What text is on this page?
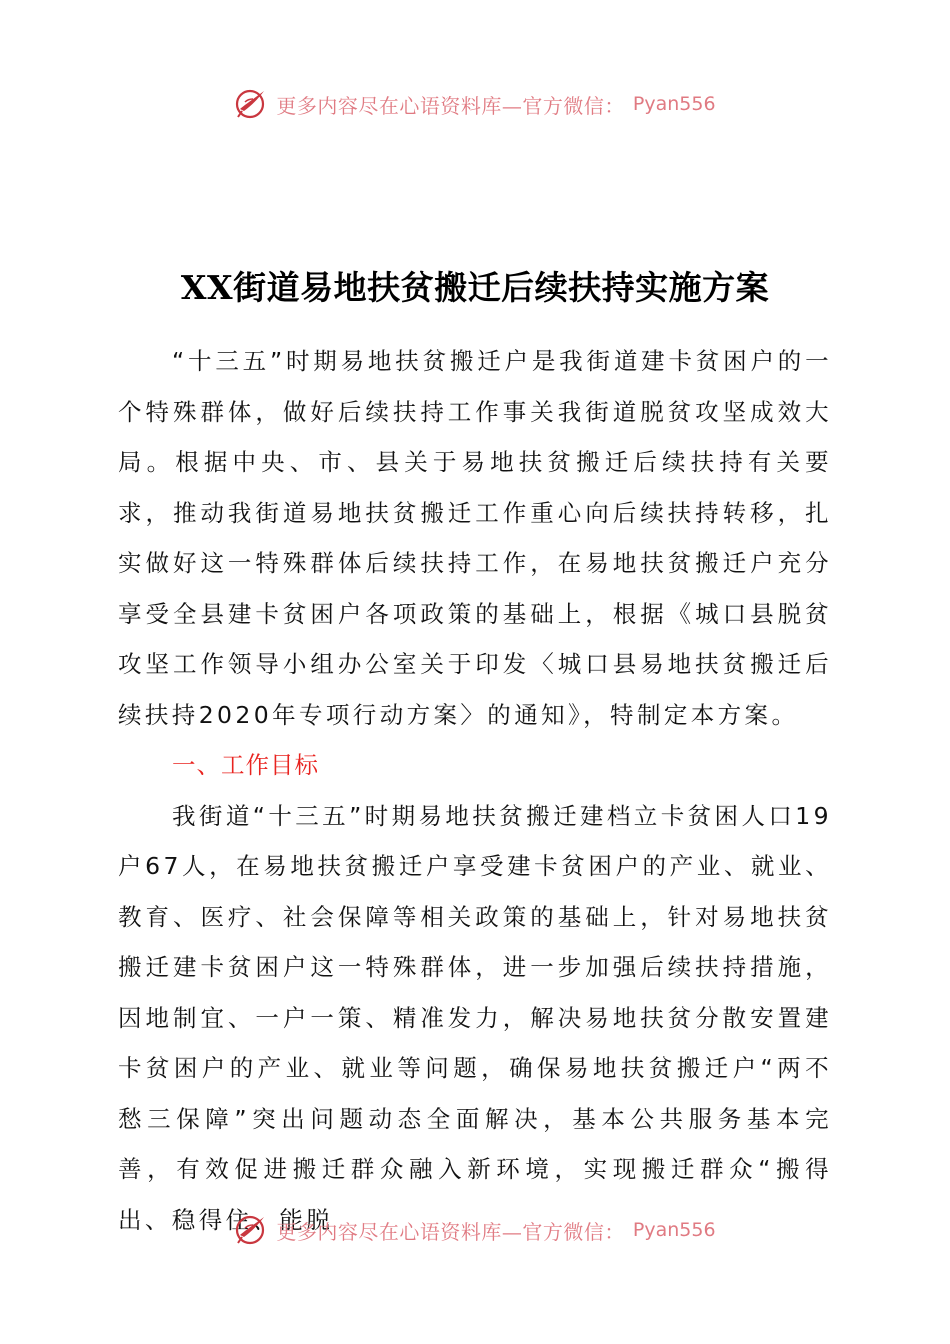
更多内容尽在心语资料库—官方微信： Pyan556
XX街道易地扶贫搬迁后续扶持实施方案

“十三五”时期易地扶贫搬迁户是我街道建卡贫困户的一个特殊群体，做好后续扶持工作事关我街道脱贫攻坚成效大局。根据中央、市、县关于易地扶贫搬迁后续扶持有关要求，推动我街道易地扶贫搬迁工作重心向后续扶持转移，扎实做好这一特殊群体后续扶持工作，在易地扶贫搬迁户充分享受全县建卡贫困户各项政策的基础上，根据《城口县脱贫攻坚工作领导小组办公室关于印发〈城口县易地扶贫搬迁后续扶持2020年专项行动方案〉的通知》，特制定本方案。

一、工作目标

我街道“十三五”时期易地扶贫搬迁建档立卡贫困人口19户67人，在易地扶贫搬迁户享受建卡贫困户的产业、就业、教育、医疗、社会保障等相关政策的基础上，针对易地扶贫搬迁建卡贫困户这一特殊群体，进一步加强后续扶持措施，因地制宜、一户一策、精准发力，解决易地扶贫分散安置建卡贫困户的产业、就业等问题，确保易地扶贫搬迁户“两不愁三保障”突出问题动态全面解决，基本公共服务基本完善，有效促进搬迁群众融入新环境，实现搬迁群众“搬得出、稳得住、能脱

更多内容尽在心语资料库—官方微信： Pyan556
